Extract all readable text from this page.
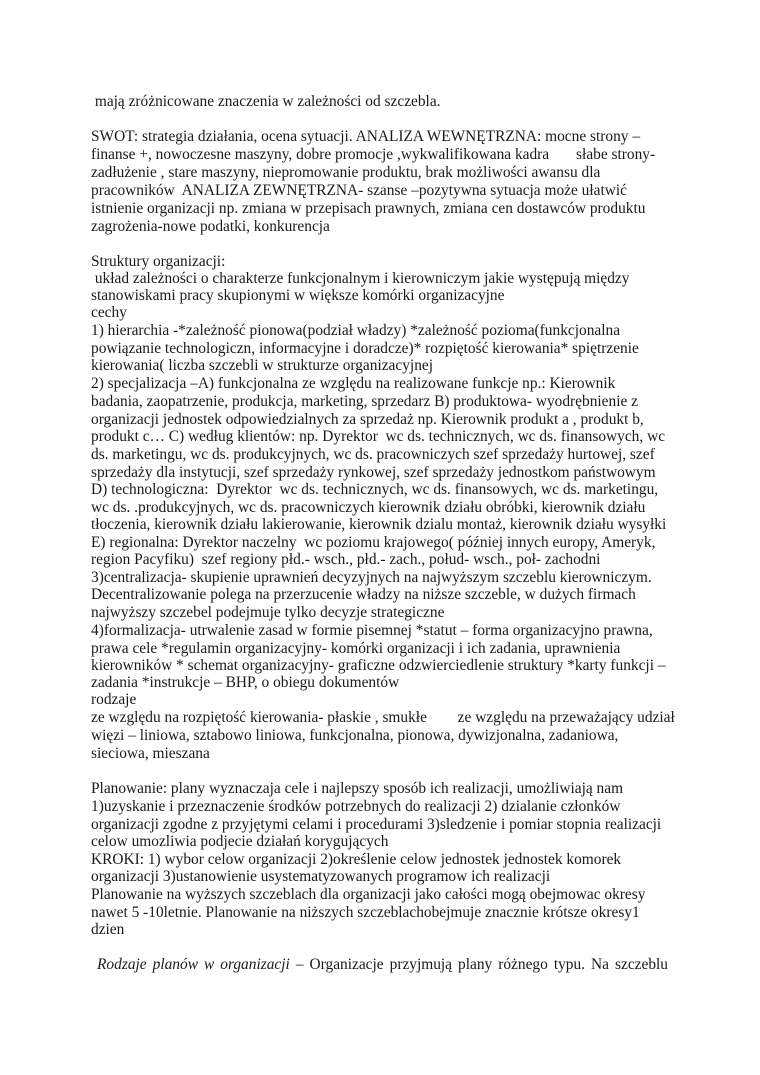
mają zróżnicowane znaczenia w zależności od szczebla.
SWOT: strategia działania, ocena sytuacji. ANALIZA WEWNĘTRZNA: mocne strony –
finanse +, nowoczesne maszyny, dobre promocje ,wykwalifikowana kadra       słabe strony-
zadłużenie , stare maszyny, niepromowanie produktu, brak możliwości awansu dla
pracowników  ANALIZA ZEWNĘTRZNA- szanse –pozytywna sytuacja może ułatwić
istnienie organizacji np. zmiana w przepisach prawnych, zmiana cen dostawców produktu
zagrożenia-nowe podatki, konkurencja
Struktury organizacji:
układ zależności o charakterze funkcjonalnym i kierowniczym jakie występują między
stanowiskami pracy skupionymi w większe komórki organizacyjne
cechy
1) hierarchia -*zależność pionowa(podział władzy) *zależność pozioma(funkcjonalna
powiązanie technologiczn, informacyjne i doradcze)* rozpiętość kierowania* spiętrzenie
kierowania( liczba szczebli w strukturze organizacyjnej
2) specjalizacja –A) funkcjonalna ze względu na realizowane funkcje np.: Kierownik
badania, zaopatrzenie, produkcja, marketing, sprzedarz B) produktowa- wyodrębnienie z
organizacji jednostek odpowiedzialnych za sprzedaż np. Kierownik produkt a , produkt b,
produkt c… C) według klientów: np. Dyrektor  wc ds. technicznych, wc ds. finansowych, wc
ds. marketingu, wc ds. produkcyjnych, wc ds. pracowniczych szef sprzedaży hurtowej, szef
sprzedaży dla instytucji, szef sprzedaży rynkowej, szef sprzedaży jednostkom państwowym
D) technologiczna:  Dyrektor  wc ds. technicznych, wc ds. finansowych, wc ds. marketingu,
wc ds. .produkcyjnych, wc ds. pracowniczych kierownik działu obróbki, kierownik działu
tłoczenia, kierownik działu lakierowanie, kierownik dzialu montaż, kierownik działu wysyłki
E) regionalna: Dyrektor naczelny  wc poziomu krajowego( później innych europy, Ameryk,
region Pacyfiku)  szef regiony płd.- wsch., płd.- zach., połud- wsch., poł- zachodni
3)centralizacja- skupienie uprawnień decyzyjnych na najwyższym szczeblu kierowniczym.
Decentralizowanie polega na przerzucenie władzy na niższe szczeble, w dużych firmach
najwyższy szczebel podejmuje tylko decyzje strategiczne
4)formalizacja- utrwalenie zasad w formie pisemnej *statut – forma organizacyjno prawna,
prawa cele *regulamin organizacyjny- komórki organizacji i ich zadania, uprawnienia
kierowników * schemat organizacyjny- graficzne odzwierciedlenie struktury *karty funkcji –
zadania *instrukcje – BHP, o obiegu dokumentów
rodzaje
ze względu na rozpiętość kierowania- płaskie , smukłe        ze względu na przeważający udział
więzi – liniowa, sztabowo liniowa, funkcjonalna, pionowa, dywizjonalna, zadaniowa,
sieciowa, mieszana
Planowanie: plany wyznaczaja cele i najlepszy sposób ich realizacji, umożliwiają nam
1)uzyskanie i przeznaczenie środków potrzebnych do realizacji 2) dzialanie członków
organizacji zgodne z przyjętymi celami i procedurami 3)sledzenie i pomiar stopnia realizacji
celow umozliwia podjecie działań korygujących
KROKI: 1) wybor celow organizacji 2)określenie celow jednostek jednostek komorek
organizacji 3)ustanowienie usystematyzowanych programow ich realizacji
Planowanie na wyższych szczeblach dla organizacji jako całości mogą obejmowac okresy
nawet 5 -10letnie. Planowanie na niższych szczeblachobejmuje znacznie krótsze okresy1
dzien
Rodzaje planów w organizacji – Organizacje przyjmują plany różnego typu. Na szczeblu
